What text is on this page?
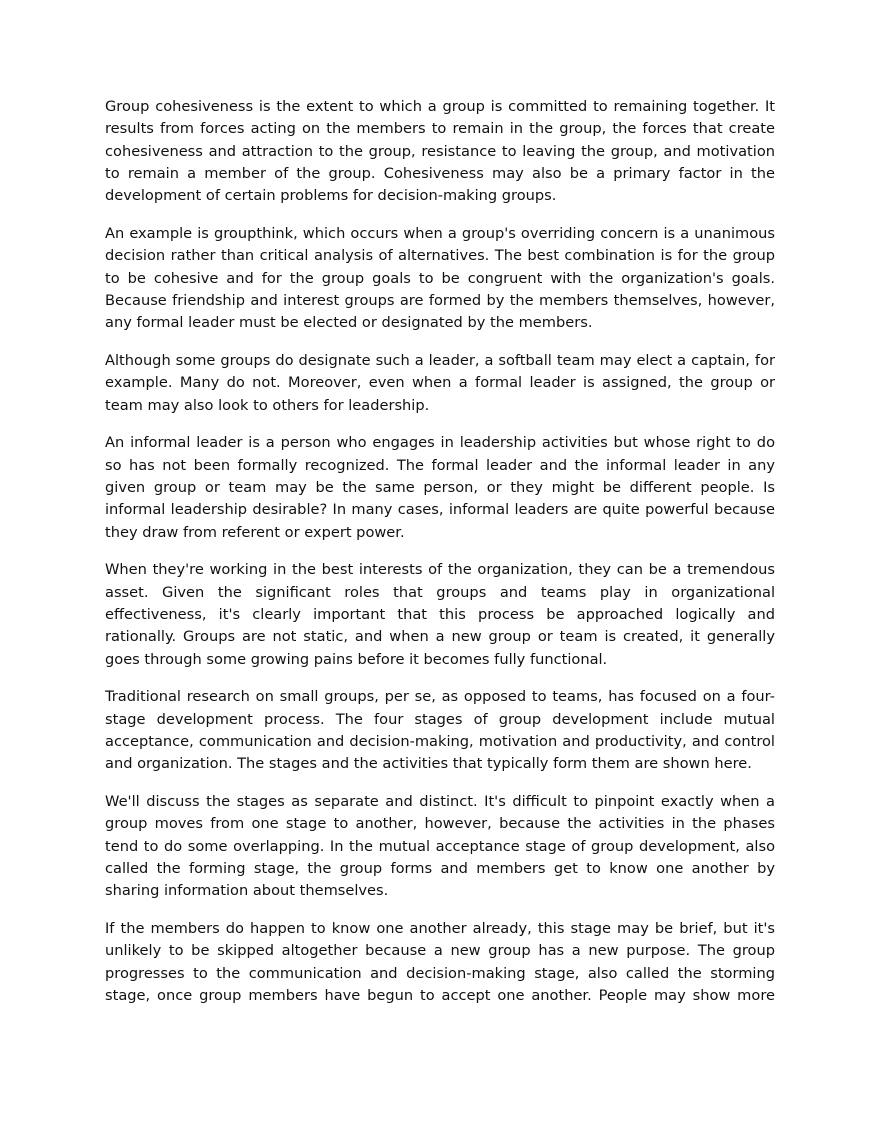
Group cohesiveness is the extent to which a group is committed to remaining together. It results from forces acting on the members to remain in the group, the forces that create cohesiveness and attraction to the group, resistance to leaving the group, and motivation to remain a member of the group. Cohesiveness may also be a primary factor in the development of certain problems for decision-making groups.

An example is groupthink, which occurs when a group's overriding concern is a unanimous decision rather than critical analysis of alternatives. The best combination is for the group to be cohesive and for the group goals to be congruent with the organization's goals. Because friendship and interest groups are formed by the members themselves, however, any formal leader must be elected or designated by the members.

Although some groups do designate such a leader, a softball team may elect a captain, for example. Many do not. Moreover, even when a formal leader is assigned, the group or team may also look to others for leadership.

An informal leader is a person who engages in leadership activities but whose right to do so has not been formally recognized. The formal leader and the informal leader in any given group or team may be the same person, or they might be different people. Is informal leadership desirable? In many cases, informal leaders are quite powerful because they draw from referent or expert power.

When they're working in the best interests of the organization, they can be a tremendous asset. Given the significant roles that groups and teams play in organizational effectiveness, it's clearly important that this process be approached logically and rationally. Groups are not static, and when a new group or team is created, it generally goes through some growing pains before it becomes fully functional.

Traditional research on small groups, per se, as opposed to teams, has focused on a four-stage development process. The four stages of group development include mutual acceptance, communication and decision-making, motivation and productivity, and control and organization. The stages and the activities that typically form them are shown here.

We'll discuss the stages as separate and distinct. It's difficult to pinpoint exactly when a group moves from one stage to another, however, because the activities in the phases tend to do some overlapping. In the mutual acceptance stage of group development, also called the forming stage, the group forms and members get to know one another by sharing information about themselves.

If the members do happen to know one another already, this stage may be brief, but it's unlikely to be skipped altogether because a new group has a new purpose. The group progresses to the communication and decision-making stage, also called the storming stage, once group members have begun to accept one another. People may show more
